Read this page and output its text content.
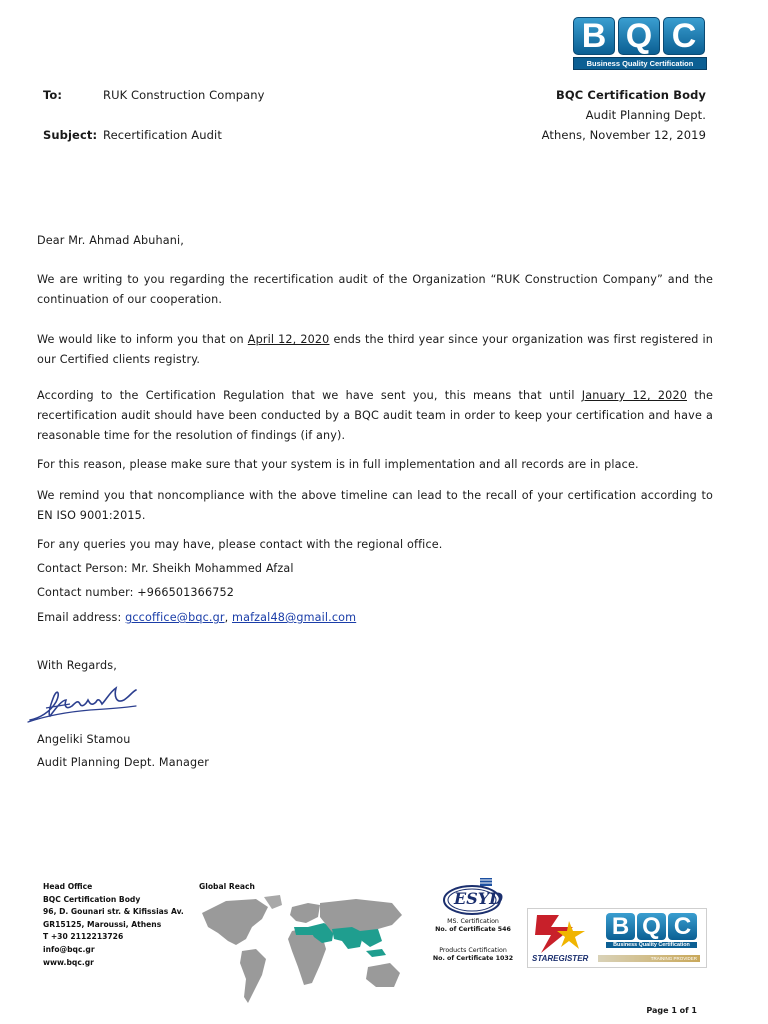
B Q C
Business Quality Certification
To:	RUK Construction Company
Subject: Recertification Audit
BQC Certification Body
Audit Planning Dept.
Athens, November 12, 2019
Dear Mr. Ahmad Abuhani,
We are writing to you regarding the recertification audit of the Organization “RUK Construction Company” and the continuation of our cooperation.
We would like to inform you that on April 12, 2020 ends the third year since your organization was first registered in our Certified clients registry.
According to the Certification Regulation that we have sent you, this means that until January 12, 2020 the recertification audit should have been conducted by a BQC audit team in order to keep your certification and have a reasonable time for the resolution of findings (if any).
For this reason, please make sure that your system is in full implementation and all records are in place.
We remind you that noncompliance with the above timeline can lead to the recall of your certification according to EN ISO 9001:2015.
For any queries you may have, please contact with the regional office.
Contact Person: Mr. Sheikh Mohammed Afzal
Contact number: +966501366752
Email address: gccoffice@bqc.gr, mafzal48@gmail.com
With Regards,
Angeliki Stamou
Audit Planning Dept. Manager
Head Office
BQC Certification Body
96, D. Gounari str. & Kifissias Av.
GR15125, Maroussi, Athens
T +30 2112213726
info@bqc.gr
www.bqc.gr
Global Reach
ESYD
MS. Certification
No. of Certificate 546
Products Certification
No. of Certificate 1032	STAREGISTER
B Q C
Business Quality Certification
TRAINING PROVIDER
Page 1 of 1
